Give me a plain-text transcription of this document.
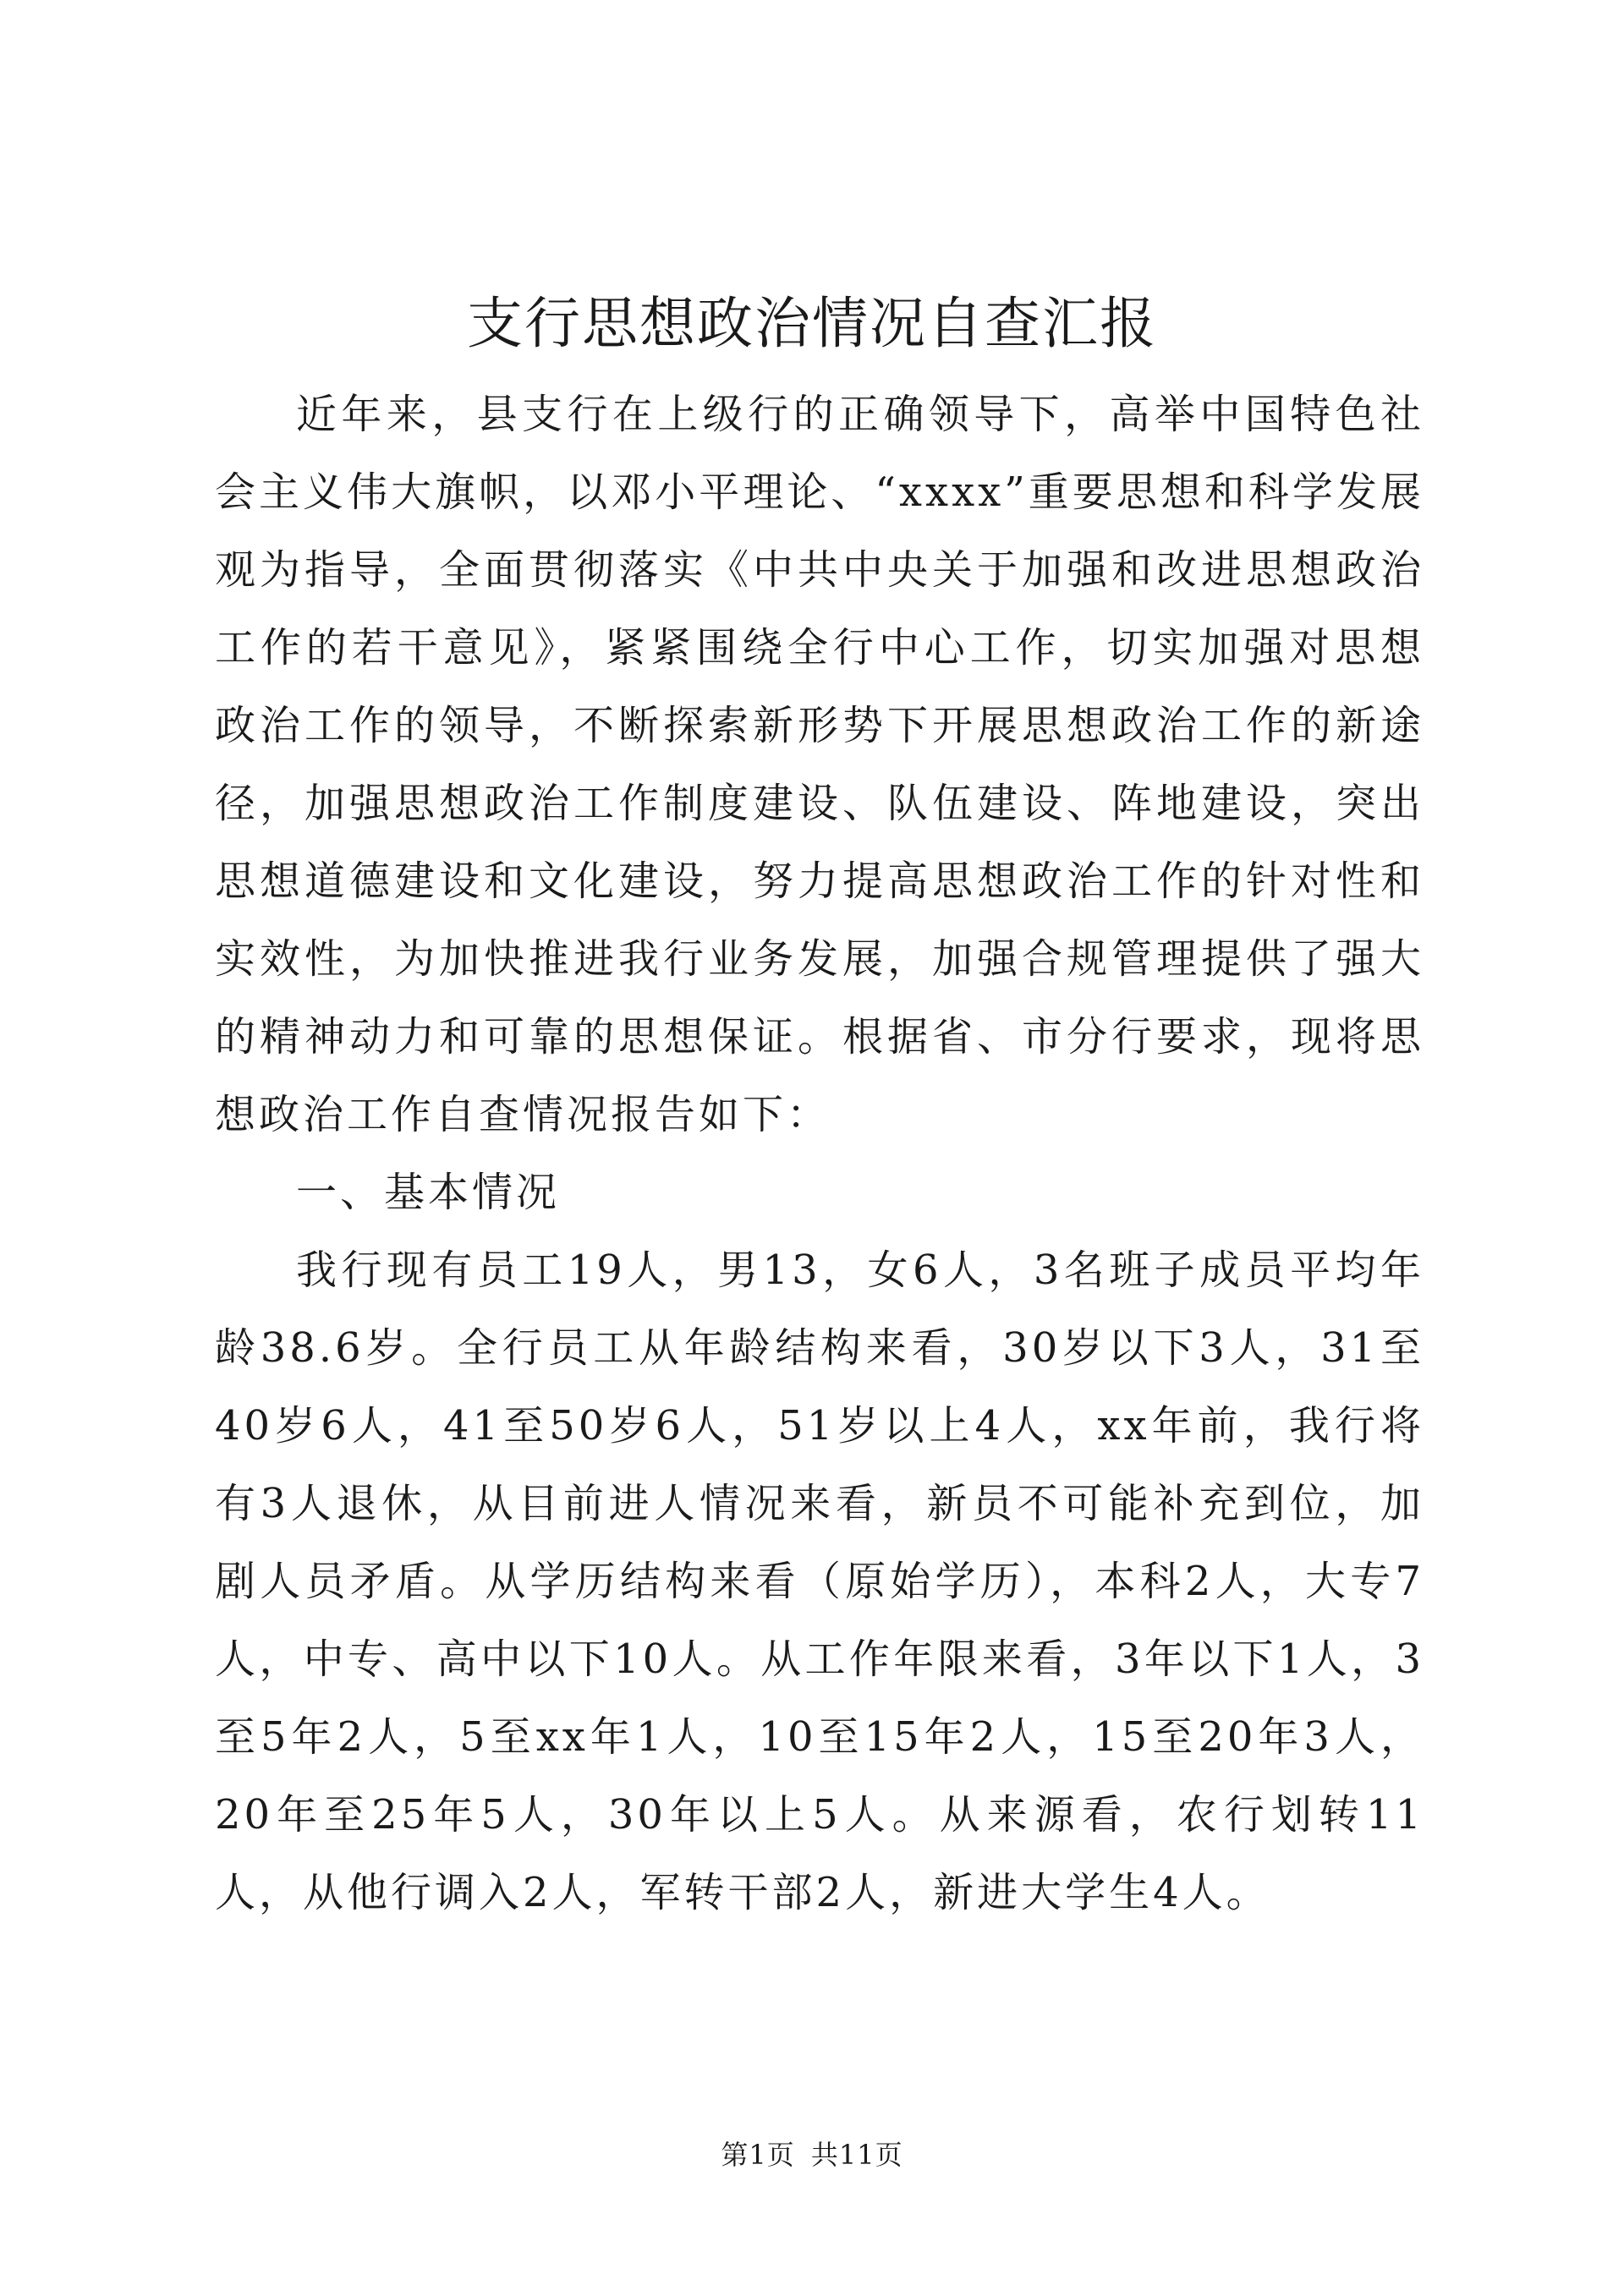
支行思想政治情况自查汇报

近年来，县支行在上级行的正确领导下，高举中国特色社会主义伟大旗帜，以邓小平理论、“xxxx”重要思想和科学发展观为指导，全面贯彻落实《中共中央关于加强和改进思想政治工作的若干意见》，紧紧围绕全行中心工作，切实加强对思想政治工作的领导，不断探索新形势下开展思想政治工作的新途径，加强思想政治工作制度建设、队伍建设、阵地建设，突出思想道德建设和文化建设，努力提高思想政治工作的针对性和实效性，为加快推进我行业务发展，加强合规管理提供了强大的精神动力和可靠的思想保证。根据省、市分行要求，现将思想政治工作自查情况报告如下：

一、基本情况

我行现有员工19人，男13，女6人，3名班子成员平均年龄38.6岁。全行员工从年龄结构来看，30岁以下3人，31至40岁6人，41至50岁6人，51岁以上4人，xx年前，我行将有3人退休，从目前进人情况来看，新员不可能补充到位，加剧人员矛盾。从学历结构来看（原始学历），本科2人，大专7人，中专、高中以下10人。从工作年限来看，3年以下1人，3至5年2人，5至xx年1人，10至15年2人，15至20年3人，20年至25年5人，30年以上5人。从来源看，农行划转11人，从他行调入2人，军转干部2人，新进大学生4人。

第1页 共11页
